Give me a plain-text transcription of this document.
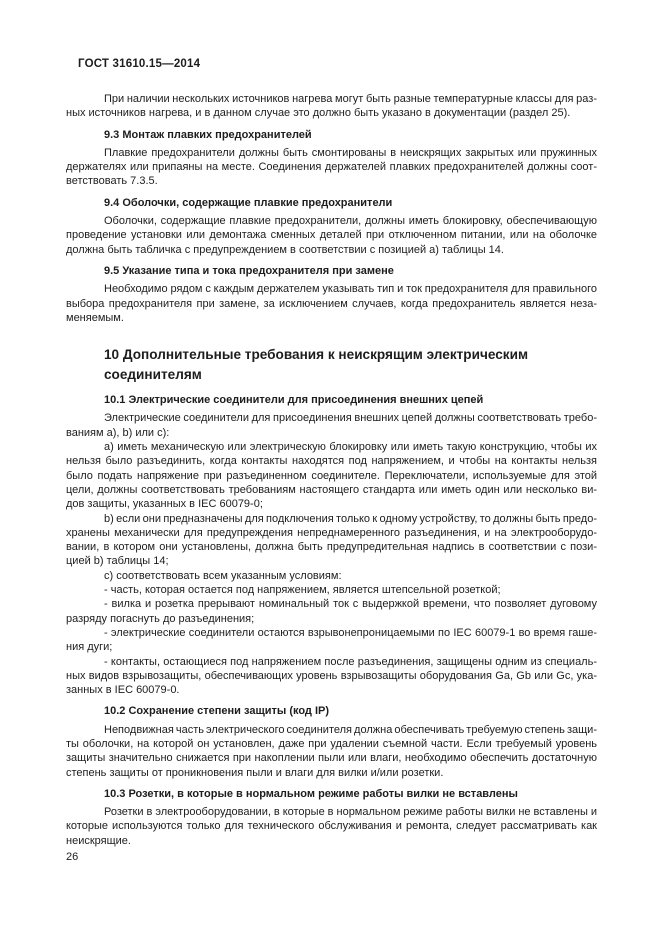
ГОСТ 31610.15—2014
При наличии нескольких источников нагрева могут быть разные температурные классы для раз-
ных источников нагрева, и в данном случае это должно быть указано в документации (раздел 25).
9.3 Монтаж плавких предохранителей
Плавкие предохранители должны быть смонтированы в неискрящих закрытых или пружинных
держателях или припаяны на месте. Соединения держателей плавких предохранителей должны соот-
ветствовать 7.3.5.
9.4 Оболочки, содержащие плавкие предохранители
Оболочки, содержащие плавкие предохранители, должны иметь блокировку, обеспечивающую
проведение установки или демонтажа сменных деталей при отключенном питании, или на оболочке
должна быть табличка с предупреждением в соответствии с позицией а) таблицы 14.
9.5 Указание типа и тока предохранителя при замене
Необходимо рядом с каждым держателем указывать тип и ток предохранителя для правильного
выбора предохранителя при замене, за исключением случаев, когда предохранитель является неза-
меняемым.
10 Дополнительные требования к неискрящим электрическим
соединителям
10.1 Электрические соединители для присоединения внешних цепей
Электрические соединители для присоединения внешних цепей должны соответствовать требо-
ваниям а), b) или с):
а) иметь механическую или электрическую блокировку или иметь такую конструкцию, чтобы их
нельзя было разъединить, когда контакты находятся под напряжением, и чтобы на контакты нельзя
было подать напряжение при разъединенном соединителе. Переключатели, используемые для этой
цели, должны соответствовать требованиям настоящего стандарта или иметь один или несколько ви-
дов защиты, указанных в IEC 60079-0;
b) если они предназначены для подключения только к одному устройству, то должны быть предо-
хранены механически для предупреждения непреднамеренного разъединения, и на электрооборудо-
вании, в котором они установлены, должна быть предупредительная надпись в соответствии с пози-
цией b) таблицы 14;
с) соответствовать всем указанным условиям:
- часть, которая остается под напряжением, является штепсельной розеткой;
- вилка и розетка прерывают номинальный ток с выдержкой времени, что позволяет дуговому
разряду погаснуть до разъединения;
- электрические соединители остаются взрывонепроницаемыми по IEC 60079-1 во время гаше-
ния дуги;
- контакты, остающиеся под напряжением после разъединения, защищены одним из специаль-
ных видов взрывозащиты, обеспечивающих уровень взрывозащиты оборудования Ga, Gb или Gc, ука-
занных в IEC 60079-0.
10.2 Сохранение степени защиты (код IP)
Неподвижная часть электрического соединителя должна обеспечивать требуемую степень защи-
ты оболочки, на которой он установлен, даже при удалении съемной части. Если требуемый уровень
защиты значительно снижается при накоплении пыли или влаги, необходимо обеспечить достаточную
степень защиты от проникновения пыли и влаги для вилки и/или розетки.
10.3 Розетки, в которые в нормальном режиме работы вилки не вставлены
Розетки в электрооборудовании, в которые в нормальном режиме работы вилки не вставлены и
которые используются только для технического обслуживания и ремонта, следует рассматривать как
неискрящие.
26
